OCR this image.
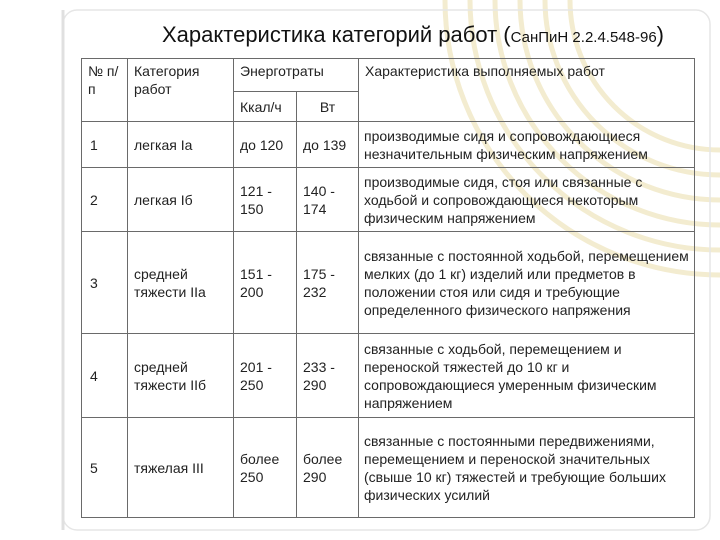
Характеристика категорий работ (СанПиН 2.2.4.548-96)
№ п/п	Категория работ	Энерготраты		Характеристика выполняемых работ
		Ккал/ч	Вт	
1	легкая Iа	до 120	до 139	производимые сидя и сопровождающиеся незначительным физическим напряжением
2	легкая Iб	121 - 150	140 - 174	производимые сидя, стоя или связанные с ходьбой и сопровождающиеся некоторым физическим напряжением
3	средней тяжести IIа	151 - 200	175 - 232	связанные с постоянной ходьбой, перемещением мелких (до 1 кг) изделий или предметов в положении стоя или сидя и требующие определенного физического напряжения
4	средней тяжести IIб	201 - 250	233 - 290	связанные с ходьбой, перемещением и переноской тяжестей до 10 кг и сопровождающиеся умеренным физическим напряжением
5	тяжелая III	более 250	более 290	связанные с постоянными передвижениями, перемещением и переноской значительных (свыше 10 кг) тяжестей и требующие больших физических усилий
